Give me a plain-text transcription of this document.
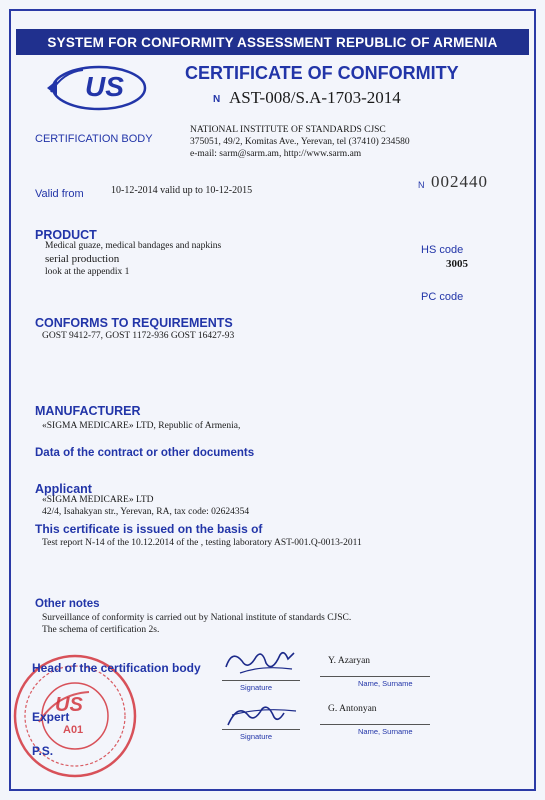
SYSTEM FOR CONFORMITY ASSESSMENT REPUBLIC OF ARMENIA
US	CERTIFICATE OF CONFORMITY
N AST-008/S.A-1703-2014
CERTIFICATION BODY
NATIONAL INSTITUTE OF STANDARDS CJSC
375051, 49/2, Komitas Ave., Yerevan, tel (37410) 234580
e-mail: sarm@sarm.am, http://www.sarm.am
Valid from	10-12-2014 valid up to 10-12-2015	N 002440
PRODUCT
Medical guaze, medical bandages and napkins
serial production
look at the appendix 1
HS code
3005
PC code
CONFORMS TO REQUIREMENTS
GOST 9412-77, GOST 1172-936 GOST 16427-93
MANUFACTURER
«SIGMA MEDICARE» LTD, Republic of Armenia,
Data of the contract or other documents
Applicant
«SIGMA MEDICARE» LTD
42/4, Isahakyan str., Yerevan, RA, tax code: 02624354
This certificate is issued on the basis of
Test report N-14 of the 10.12.2014 of the , testing laboratory AST-001.Q-0013-2011
Other notes
Surveillance of conformity is carried out by National institute of standards CJSC.
The schema of certification 2s.
US
A01
Head of the certification body
Signature
Y. Azaryan
Name, Surname
Expert
Signature
G. Antonyan
Name, Surname
P.S.
